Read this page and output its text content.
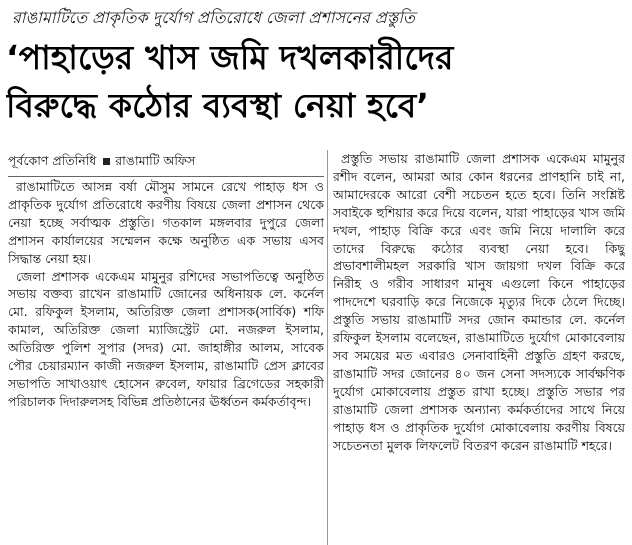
রাঙামাটিতে প্রাকৃতিক দুর্যোগ প্রতিরোধে জেলা প্রশাসনের প্রস্তুতি
‘পাহাড়ের খাস জমি দখলকারীদের
বিরুদ্ধে কঠোর ব্যবস্থা নেয়া হবে’
পূর্বকোণ প্রতিনিধি রাঙামাটি অফিস

রাঙামাটিতে আসন্ন বর্ষা মৌসুম সামনে রেখে পাহাড় ধস ও প্রাকৃতিক দুর্যোগ প্রতিরোধে করণীয় বিষয়ে জেলা প্রশাসন থেকে নেয়া হচ্ছে সর্বাত্মক প্রস্তুতি। গতকাল মঙ্গলবার দুপুরে জেলা প্রশাসন কার্যালয়ের সম্মেলন কক্ষে অনুষ্ঠিত এক সভায় এসব সিদ্ধান্ত নেয়া হয়।

জেলা প্রশাসক একেএম মামুনুর রশিদের সভাপতিত্বে অনুষ্ঠিত সভায় বক্তব্য রাখেন রাঙামাটি জোনের অধিনায়ক লে. কর্নেল মো. রফিকুল ইসলাম, অতিরিক্ত জেলা প্রশাসক(সার্বিক) শফি কামাল, অতিরিক্ত জেলা ম্যাজিস্ট্রেট মো. নজরুল ইসলাম, অতিরিক্ত পুলিশ সুপার (সদর) মো. জাহাঙ্গীর আলম, সাবেক পৌর চেয়ারম্যান কাজী নজরুল ইসলাম, রাঙামাটি প্রেস ক্লাবের সভাপতি সাখাওয়াৎ হোসেন রুবেল, ফায়ার ব্রিগেডের সহকারী পরিচালক দিদারুলসহ বিভিন্ন প্রতিষ্ঠানের ঊর্ধ্বতন কর্মকর্তাবৃন্দ।

প্রস্তুতি সভায় রাঙামাটি জেলা প্রশাসক একেএম মামুনুর রশীদ বলেন, আমরা আর কোন ধরনের প্রাণহানি চাই না, আমাদেরকে আরো বেশী সচেতন হতে হবে। তিনি সংশ্লিষ্ট সবাইকে হুশিয়ার করে দিয়ে বলেন, যারা পাহাড়ের খাস জমি দখল, পাহাড় বিক্রি করে এবং জমি নিয়ে দালালি করে তাদের বিরুদ্ধে কঠোর ব্যবস্থা নেয়া হবে। কিছু প্রভাবশালীমহল সরকারি খাস জায়গা দখল বিক্রি করে নিরীহ ও গরীব সাধারণ মানুষ এগুলো কিনে পাহাড়ের পাদদেশে ঘরবাড়ি করে নিজেকে মৃত্যুর দিকে ঠেলে দিচ্ছে। প্রস্তুতি সভায় রাঙামাটি সদর জোন কমান্ডার লে. কর্নেল রফিকুল ইসলাম বলেছেন, রাঙামাটিতে দুর্যোগ মোকাবেলায় সব সময়ের মত এবারও সেনাবাহিনী প্রস্তুতি গ্রহণ করছে, রাঙামাটি সদর জোনের ৪০ জন সেনা সদস্যকে সার্বক্ষণিক দুর্যোগ মোকাবেলায় প্রস্তুত রাখা হচ্ছে। প্রস্তুতি সভার পর রাঙামাটি জেলা প্রশাসক অন্যান্য কর্মকর্তাদের সাথে নিয়ে পাহাড় ধস ও প্রাকৃতিক দুর্যোগ মোকাবেলায় করণীয় বিষয়ে সচেতনতা মুলক লিফলেট বিতরণ করেন রাঙামাটি শহরে।
